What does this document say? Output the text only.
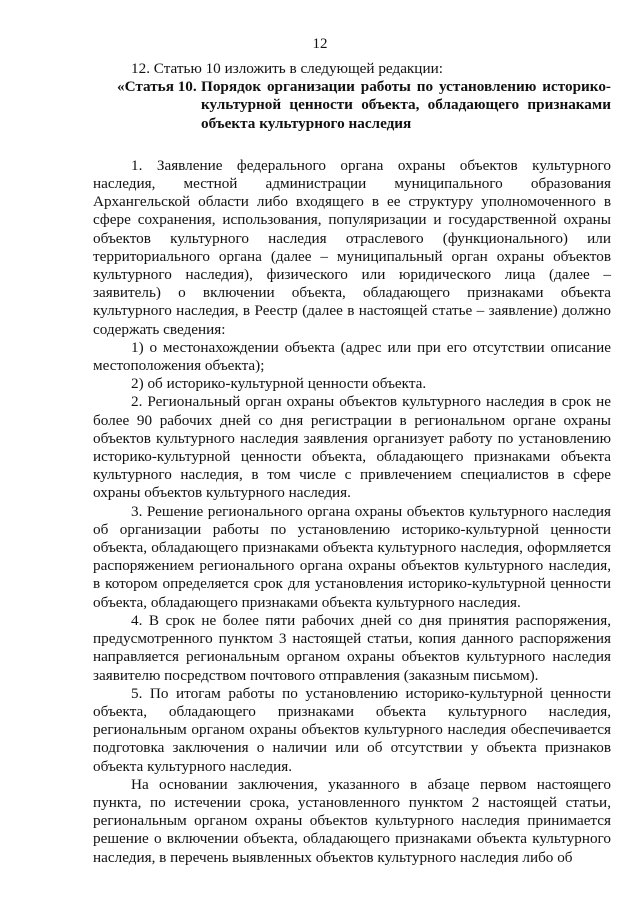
12

12. Статью 10 изложить в следующей редакции:

«Статья 10. Порядок организации работы по установлению историко-культурной ценности объекта, обладающего признаками объекта культурного наследия

1. Заявление федерального органа охраны объектов культурного наследия, местной администрации муниципального образования Архангельской области либо входящего в ее структуру уполномоченного в сфере сохранения, использования, популяризации и государственной охраны объектов культурного наследия отраслевого (функционального) или территориального органа (далее – муниципальный орган охраны объектов культурного наследия), физического или юридического лица (далее – заявитель) о включении объекта, обладающего признаками объекта культурного наследия, в Реестр (далее в настоящей статье – заявление) должно содержать сведения:

1) о местонахождении объекта (адрес или при его отсутствии описание местоположения объекта);

2) об историко-культурной ценности объекта.

2. Региональный орган охраны объектов культурного наследия в срок не более 90 рабочих дней со дня регистрации в региональном органе охраны объектов культурного наследия заявления организует работу по установлению историко-культурной ценности объекта, обладающего признаками объекта культурного наследия, в том числе с привлечением специалистов в сфере охраны объектов культурного наследия.

3. Решение регионального органа охраны объектов культурного наследия об организации работы по установлению историко-культурной ценности объекта, обладающего признаками объекта культурного наследия, оформляется распоряжением регионального органа охраны объектов культурного наследия, в котором определяется срок для установления историко-культурной ценности объекта, обладающего признаками объекта культурного наследия.

4. В срок не более пяти рабочих дней со дня принятия распоряжения, предусмотренного пунктом 3 настоящей статьи, копия данного распоряжения направляется региональным органом охраны объектов культурного наследия заявителю посредством почтового отправления (заказным письмом).

5. По итогам работы по установлению историко-культурной ценности объекта, обладающего признаками объекта культурного наследия, региональным органом охраны объектов культурного наследия обеспечивается подготовка заключения о наличии или об отсутствии у объекта признаков объекта культурного наследия.

На основании заключения, указанного в абзаце первом настоящего пункта, по истечении срока, установленного пунктом 2 настоящей статьи, региональным органом охраны объектов культурного наследия принимается решение о включении объекта, обладающего признаками объекта культурного наследия, в перечень выявленных объектов культурного наследия либо об
